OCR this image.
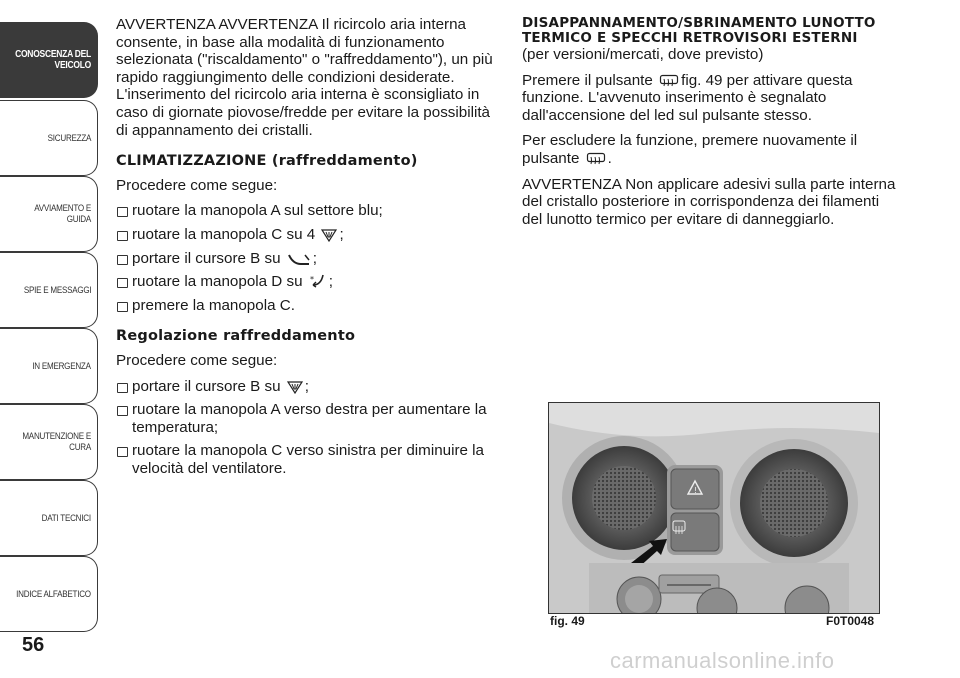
CONOSCENZA DEL VEICOLO
SICUREZZA
AVVIAMENTO E GUIDA
SPIE E MESSAGGI
IN EMERGENZA
MANUTENZIONE E CURA
DATI TECNICI
INDICE ALFABETICO
56

AVVERTENZA AVVERTENZA Il ricircolo aria interna consente, in base alla modalità di funzionamento selezionata ("riscaldamento" o "raffreddamento"), un più rapido raggiungimento delle condizioni desiderate. L'inserimento del ricircolo aria interna è sconsigliato in caso di giornate piovose/fredde per evitare la possibilità di appannamento dei cristalli.

CLIMATIZZAZIONE (raffreddamento)

Procedere come segue:

ruotare la manopola A sul settore blu;
ruotare la manopola C su 4 ;
portare il cursore B su ;
ruotare la manopola D su * ;
premere la manopola C.
Regolazione raffreddamento

Procedere come segue:

portare il cursore B su ;
ruotare la manopola A verso destra per aumentare la temperatura;
ruotare la manopola C verso sinistra per diminuire la velocità del ventilatore.
DISAPPANNAMENTO/SBRINAMENTO LUNOTTO TERMICO E SPECCHI RETROVISORI ESTERNI

(per versioni/mercati, dove previsto)

Premere il pulsante fig. 49 per attivare questa funzione. L'avvenuto inserimento è segnalato dall'accensione del led sul pulsante stesso.

Per escludere la funzione, premere nuovamente il pulsante .

AVVERTENZA Non applicare adesivi sulla parte interna del cristallo posteriore in corrispondenza dei filamenti del lunotto termico per evitare di danneggiarlo.

!
fig. 49	F0T0048
carmanualsonline.info
